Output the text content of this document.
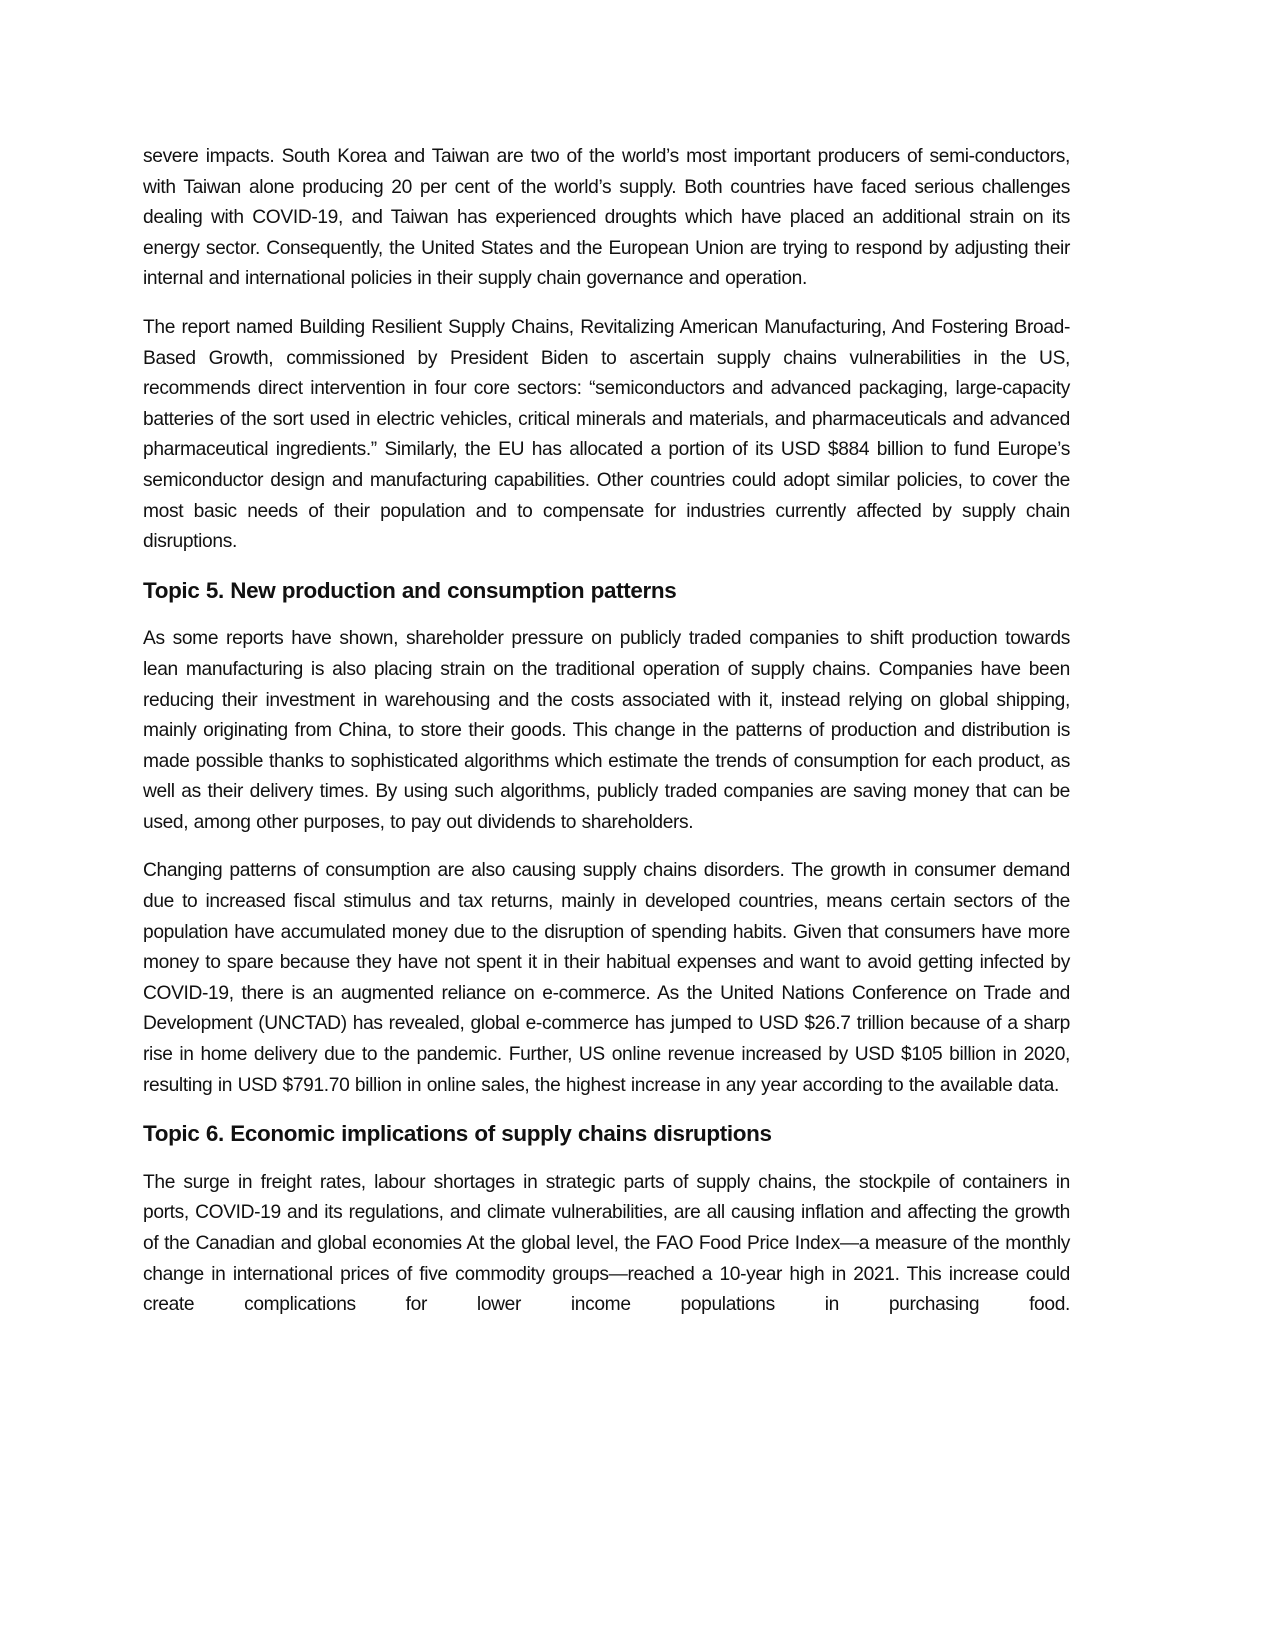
severe impacts. South Korea and Taiwan are two of the world’s most important producers of semi-conductors, with Taiwan alone producing 20 per cent of the world’s supply. Both countries have faced serious challenges dealing with COVID-19, and Taiwan has experienced droughts which have placed an additional strain on its energy sector. Consequently, the United States and the European Union are trying to respond by adjusting their internal and international policies in their supply chain governance and operation.

The report named Building Resilient Supply Chains, Revitalizing American Manufacturing, And Fostering Broad-Based Growth, commissioned by President Biden to ascertain supply chains vulnerabilities in the US, recommends direct intervention in four core sectors: “semiconductors and advanced packaging, large-capacity batteries of the sort used in electric vehicles, critical minerals and materials, and pharmaceuticals and advanced pharmaceutical ingredients.” Similarly, the EU has allocated a portion of its USD $884 billion to fund Europe’s semiconductor design and manufacturing capabilities. Other countries could adopt similar policies, to cover the most basic needs of their population and to compensate for industries currently affected by supply chain disruptions.

Topic 5. New production and consumption patterns

As some reports have shown, shareholder pressure on publicly traded companies to shift production towards lean manufacturing is also placing strain on the traditional operation of supply chains. Companies have been reducing their investment in warehousing and the costs associated with it, instead relying on global shipping, mainly originating from China, to store their goods. This change in the patterns of production and distribution is made possible thanks to sophisticated algorithms which estimate the trends of consumption for each product, as well as their delivery times. By using such algorithms, publicly traded companies are saving money that can be used, among other purposes, to pay out dividends to shareholders.

Changing patterns of consumption are also causing supply chains disorders. The growth in consumer demand due to increased fiscal stimulus and tax returns, mainly in developed countries, means certain sectors of the population have accumulated money due to the disruption of spending habits. Given that consumers have more money to spare because they have not spent it in their habitual expenses and want to avoid getting infected by COVID-19, there is an augmented reliance on e-commerce. As the United Nations Conference on Trade and Development (UNCTAD) has revealed, global e-commerce has jumped to USD $26.7 trillion because of a sharp rise in home delivery due to the pandemic. Further, US online revenue increased by USD $105 billion in 2020, resulting in USD $791.70 billion in online sales, the highest increase in any year according to the available data.

Topic 6. Economic implications of supply chains disruptions

The surge in freight rates, labour shortages in strategic parts of supply chains, the stockpile of containers in ports, COVID-19 and its regulations, and climate vulnerabilities, are all causing inflation and affecting the growth of the Canadian and global economies At the global level, the FAO Food Price Index—a measure of the monthly change in international prices of five commodity groups—reached a 10-year high in 2021. This increase could create complications for lower income populations in purchasing food.
